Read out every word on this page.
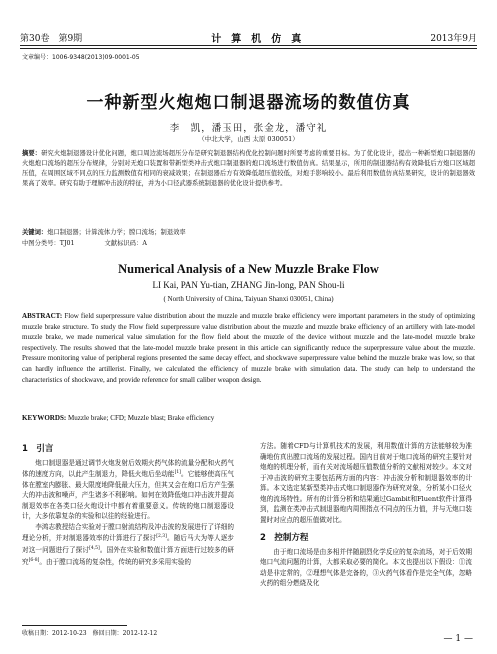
第30卷　第9期	计算机仿真	2013年9月
文章编号：1006-9348(2013)09-0001-05
一种新型火炮炮口制退器流场的数值仿真
李　凯，潘玉田，张金龙，潘守礼
（中北大学，山西 太原 030051）
摘要：研究火炮制退器设计优化问题，炮口周边流场超压分布是研究制退器结构优化控制问题时所要考虑的重要目标。为了优化设计，提出一种新型炮口制退器的火炮炮口流场的超压分布规律，分别对无炮口装置和带新型类冲击式炮口制退器的炮口流场进行数值仿真。结果显示，所用的制退器结构有效降低后方炮口区域超压值，在周围区域不同点的压力监测数值有相同的衰减效果；在制退器后方有效降低超压值较低，对炮手影响较小。最后利用数值仿真结果研究，设计的制退器效果高了效率。研究有助于理解冲击波的特征，并为小口径武器系统制退器的优化设计提供参考。
关键词：炮口制退器；计算流体力学；膛口流场；制退效率
中图分类号：TJ01	文献标识码：A
Numerical Analysis of a New Muzzle Brake Flow
LI Kai, PAN Yu-tian, ZHANG Jin-long, PAN Shou-li
( North University of China, Taiyuan Shanxi 030051, China)
ABSTRACT: Flow field superpressure value distribution about the muzzle and muzzle brake efficiency were important parameters in the study of optimizing muzzle brake structure. To study the Flow field superpressure value distribution about the muzzle and muzzle brake efficiency of an artillery with late-model muzzle brake, we made numerical value simulation for the flow field about the muzzle of the device without muzzle and the late-model muzzle brake respectively. The results showed that the late-model muzzle brake present in this article can significantly reduce the superpressure value about the muzzle. Pressure monitoring value of peripheral regions presented the same decay effect, and shockwave superpressure value behind the muzzle brake was low, so that can hardly influence the artillerist. Finally, we calculated the efficiency of muzzle brake with simulation data. The study can help to understand the characteristics of shockwave, and provide reference for small caliber weapon design.
KEYWORDS: Muzzle brake; CFD; Muzzle blast; Brake efficiency
1　引言

炮口制退器是通过调节火炮发射后效期火药气体的流量分配和火药气体的速度方向，以此产生制退力，降低火炮后坐动能[1]。它能够使高压气体在膛室内膨胀、最大限度地降低最大压力，但其又会在炮口后方产生强大的冲击波和噪声，产生诸多不利影响。如何在效降低炮口冲击波并提高制退效率在各类口径火炮设计中都有着重要意义。传统的炮口制退器设计，大多依靠复杂的实验和以往的经验进行。

李鸿志教授结合实验对于膛口射流结构及冲击波的发展进行了详细的理论分析，并对制退器效率的计算进行了探讨[2,3]。随后马大为等人逐步对这一问题进行了探讨[4,5]。国外在实验和数值计算方面进行过较多的研究[6-8]。由于膛口流场的复杂性，传统的研究多采用实验的

方法。随着CFD与计算机技术的发展，利用数值计算的方法能够较为准确地仿真出膛口流场的发展过程。国内目前对于炮口流场的研究主要针对炮炮的机理分析，而有关对流场超压值数值分析的文献相对较少。本文对于冲击波的研究主要包括两方面的内容：冲击波分析和制退器效率的计算。本文选定某新型类冲击式炮口制退器作为研究对象，分析某小口径火炮的流场特性。所有的计算分析和结果通过Gambit和Fluent软件计算得到，监测在类冲击式制退器炮内周围指点不同点的压力值，并与无炮口装置时对应点的超压值做对比。

2　控制方程

由于炮口流场是由多相并伴随剧烈化学反应的复杂流场，对于后效期炮口气流问题的计算，大都采取必要的简化。本文也提出以下假设：①流动是非定常的，②理想气体是完备的，③火药气体看作是完全气体，忽略火药的组分燃烧及化

收稿日期：2012-10-23　修回日期：2012-12-12
— 1 —
